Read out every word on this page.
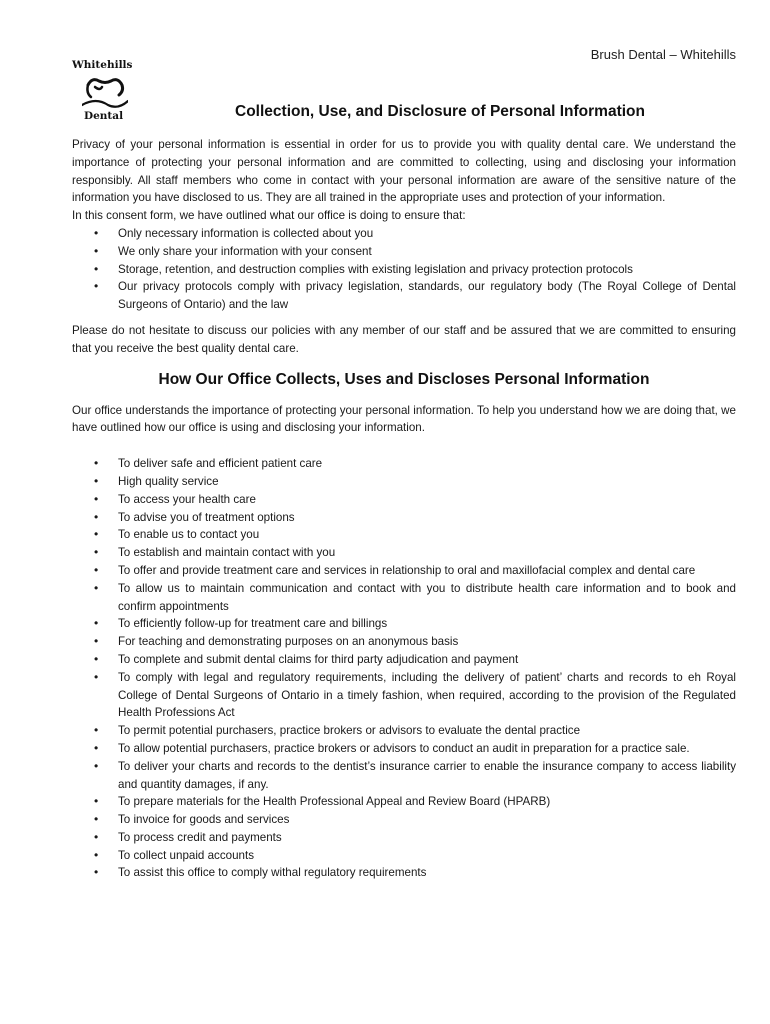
Brush Dental – Whitehills
Whitehills
Dental	Collection, Use, and Disclosure of Personal Information

Privacy of your personal information is essential in order for us to provide you with quality dental care. We understand the importance of protecting your personal information and are committed to collecting, using and disclosing your information responsibly. All staff members who come in contact with your personal information are aware of the sensitive nature of the information you have disclosed to us. They are all trained in the appropriate uses and protection of your information.

In this consent form, we have outlined what our office is doing to ensure that:

• Only necessary information is collected about you
• We only share your information with your consent
• Storage, retention, and destruction complies with existing legislation and privacy protection protocols
• Our privacy protocols comply with privacy legislation, standards, our regulatory body (The Royal College of Dental Surgeons of Ontario) and the law

Please do not hesitate to discuss our policies with any member of our staff and be assured that we are committed to ensuring that you receive the best quality dental care.

How Our Office Collects, Uses and Discloses Personal Information

Our office understands the importance of protecting your personal information. To help you understand how we are doing that, we have outlined how our office is using and disclosing your information.

• To deliver safe and efficient patient care
• High quality service
• To access your health care
• To advise you of treatment options
• To enable us to contact you
• To establish and maintain contact with you
• To offer and provide treatment care and services in relationship to oral and maxillofacial complex and dental care
• To allow us to maintain communication and contact with you to distribute health care information and to book and confirm appointments
• To efficiently follow-up for treatment care and billings
• For teaching and demonstrating purposes on an anonymous basis
• To complete and submit dental claims for third party adjudication and payment
• To comply with legal and regulatory requirements, including the delivery of patient’ charts and records to eh Royal College of Dental Surgeons of Ontario in a timely fashion, when required, according to the provision of the Regulated Health Professions Act
• To permit potential purchasers, practice brokers or advisors to evaluate the dental practice
• To allow potential purchasers, practice brokers or advisors to conduct an audit in preparation for a practice sale.
• To deliver your charts and records to the dentist’s insurance carrier to enable the insurance company to access liability and quantity damages, if any.
• To prepare materials for the Health Professional Appeal and Review Board (HPARB)
• To invoice for goods and services
• To process credit and payments
• To collect unpaid accounts
• To assist this office to comply withal regulatory requirements
